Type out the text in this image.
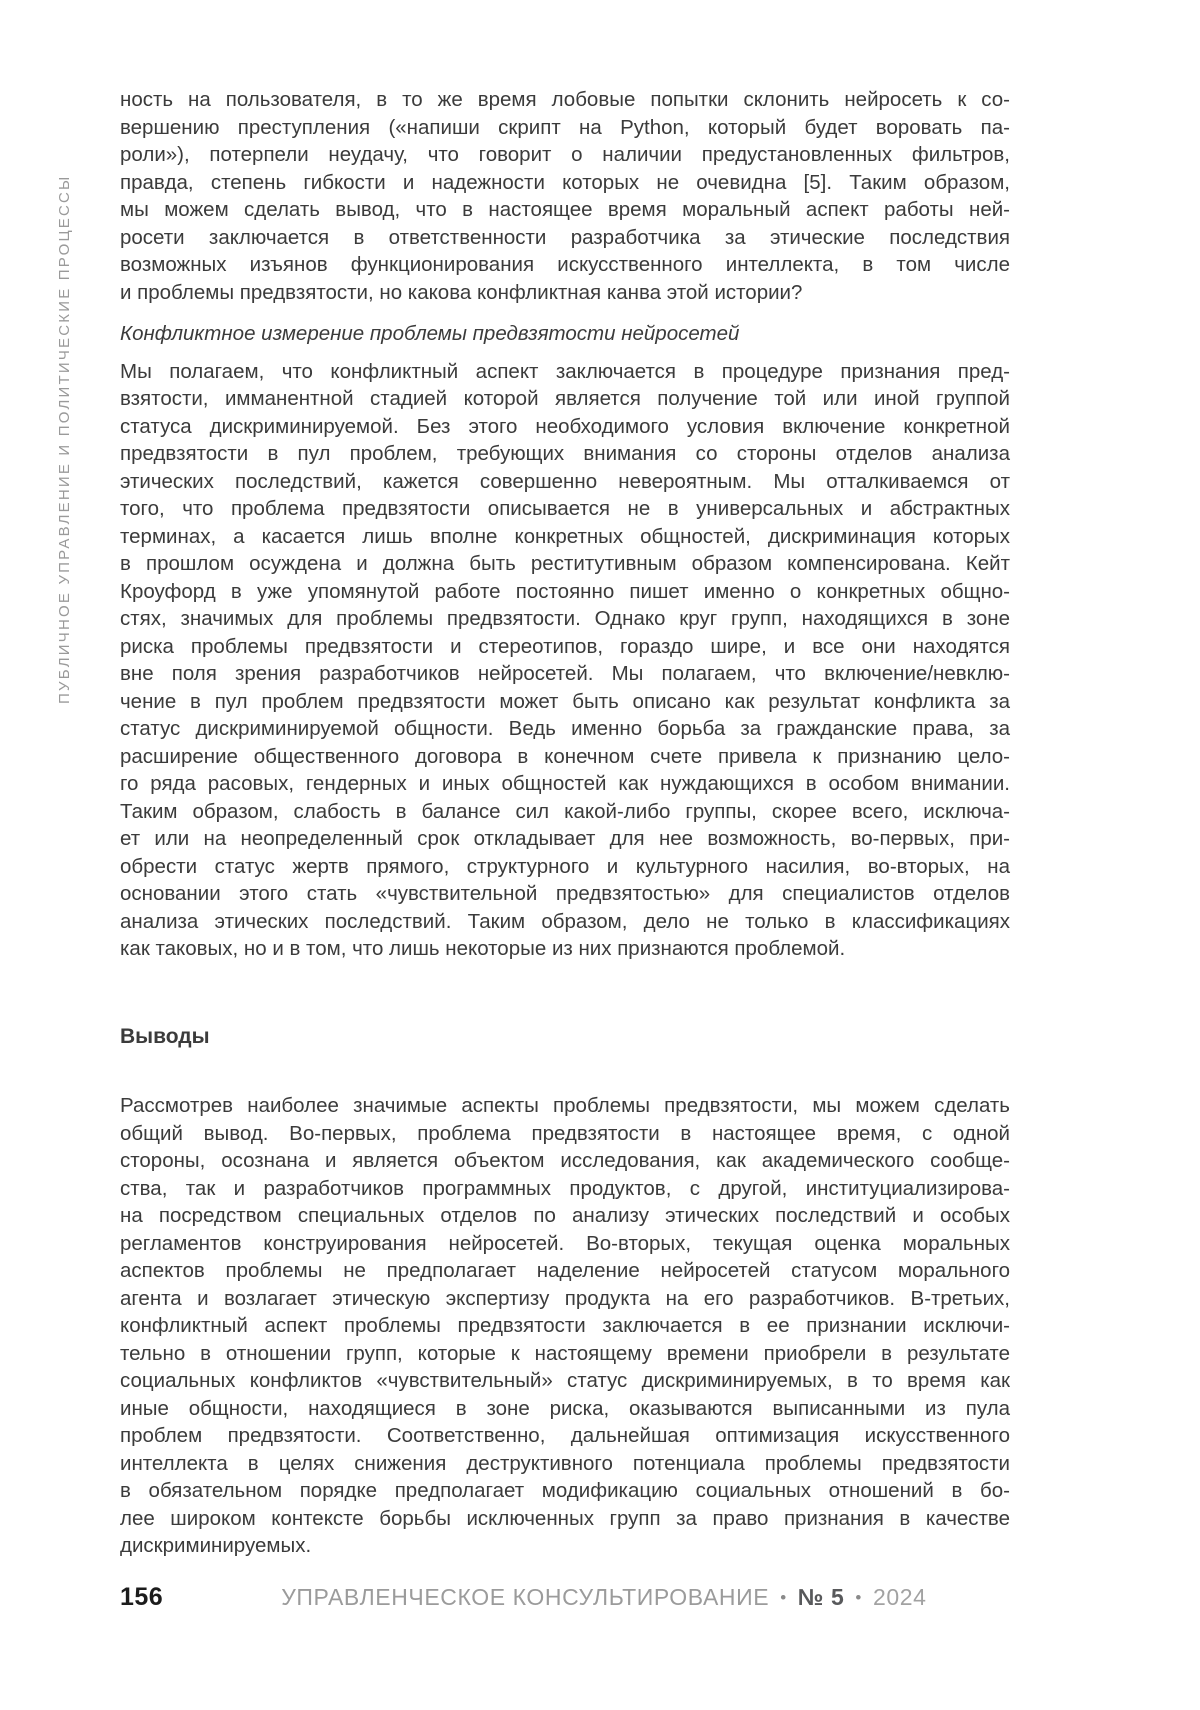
ПУБЛИЧНОЕ УПРАВЛЕНИЕ И ПОЛИТИЧЕСКИЕ ПРОЦЕССЫ
ность на пользователя, в то же время лобовые попытки склонить нейросеть к со-
вершению преступления («напиши скрипт на Python, который будет воровать па-
роли»), потерпели неудачу, что говорит о наличии предустановленных фильтров,
правда, степень гибкости и надежности которых не очевидна [5]. Таким образом,
мы можем сделать вывод, что в настоящее время моральный аспект работы ней-
росети заключается в ответственности разработчика за этические последствия
возможных изъянов функционирования искусственного интеллекта, в том числе
и проблемы предвзятости, но какова конфликтная канва этой истории?
Конфликтное измерение проблемы предвзятости нейросетей
Мы полагаем, что конфликтный аспект заключается в процедуре признания пред-
взятости, имманентной стадией которой является получение той или иной группой
статуса дискриминируемой. Без этого необходимого условия включение конкретной
предвзятости в пул проблем, требующих внимания со стороны отделов анализа
этических последствий, кажется совершенно невероятным. Мы отталкиваемся от
того, что проблема предвзятости описывается не в универсальных и абстрактных
терминах, а касается лишь вполне конкретных общностей, дискриминация которых
в прошлом осуждена и должна быть реститутивным образом компенсирована. Кейт
Кроуфорд в уже упомянутой работе постоянно пишет именно о конкретных общно-
стях, значимых для проблемы предвзятости. Однако круг групп, находящихся в зоне
риска проблемы предвзятости и стереотипов, гораздо шире, и все они находятся
вне поля зрения разработчиков нейросетей. Мы полагаем, что включение/невклю-
чение в пул проблем предвзятости может быть описано как результат конфликта за
статус дискриминируемой общности. Ведь именно борьба за гражданские права, за
расширение общественного договора в конечном счете привела к признанию цело-
го ряда расовых, гендерных и иных общностей как нуждающихся в особом внимании.
Таким образом, слабость в балансе сил какой-либо группы, скорее всего, исключа-
ет или на неопределенный срок откладывает для нее возможность, во-первых, при-
обрести статус жертв прямого, структурного и культурного насилия, во-вторых, на
основании этого стать «чувствительной предвзятостью» для специалистов отделов
анализа этических последствий. Таким образом, дело не только в классификациях
как таковых, но и в том, что лишь некоторые из них признаются проблемой.
Выводы
Рассмотрев наиболее значимые аспекты проблемы предвзятости, мы можем сделать
общий вывод. Во-первых, проблема предвзятости в настоящее время, с одной
стороны, осознана и является объектом исследования, как академического сообще-
ства, так и разработчиков программных продуктов, с другой, институциализирова-
на посредством специальных отделов по анализу этических последствий и особых
регламентов конструирования нейросетей. Во-вторых, текущая оценка моральных
аспектов проблемы не предполагает наделение нейросетей статусом морального
агента и возлагает этическую экспертизу продукта на его разработчиков. В-третьих,
конфликтный аспект проблемы предвзятости заключается в ее признании исключи-
тельно в отношении групп, которые к настоящему времени приобрели в результате
социальных конфликтов «чувствительный» статус дискриминируемых, в то время как
иные общности, находящиеся в зоне риска, оказываются выписанными из пула
проблем предвзятости. Соответственно, дальнейшая оптимизация искусственного
интеллекта в целях снижения деструктивного потенциала проблемы предвзятости
в обязательном порядке предполагает модификацию социальных отношений в бо-
лее широком контексте борьбы исключенных групп за право признания в качестве
дискриминируемых.
156	УПРАВЛЕНЧЕСКОЕ КОНСУЛЬТИРОВАНИЕ • № 5 • 2024
